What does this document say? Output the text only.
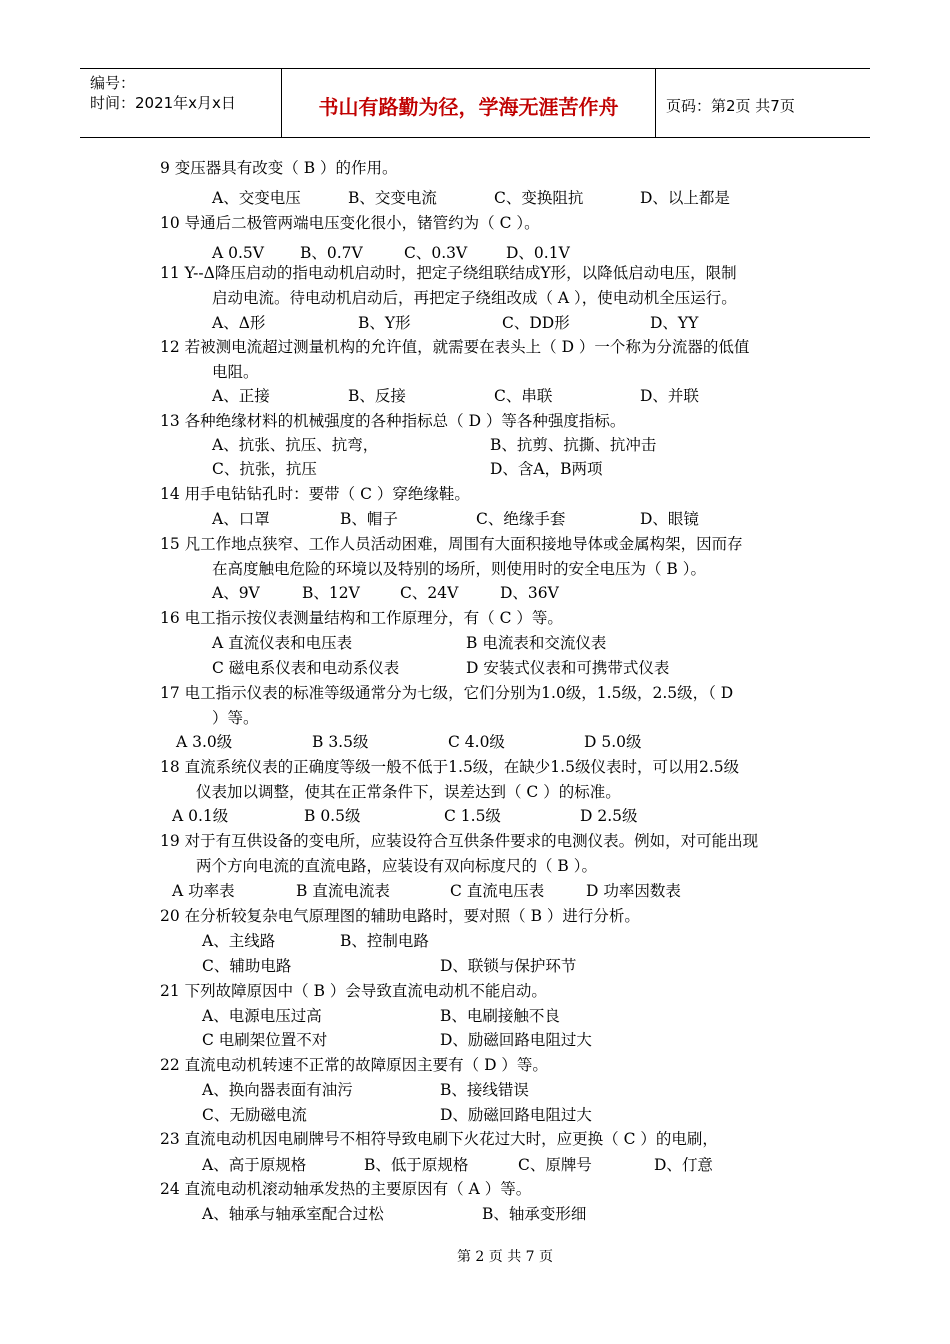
编号：
时间：2021年x月x日	书山有路勤为径，学海无涯苦作舟	页码：第2页 共7页
9 变压器具有改变（ B ）的作用。
A、交变电压	B、交变电流	C、变换阻抗	D、以上都是
10 导通后二极管两端电压变化很小，锗管约为（ C ）。
A 0.5V B、0.7V	C、0.3V	D、0.1V
11 Y--Δ降压启动的指电动机启动时，把定子绕组联结成Y形，以降低启动电压，限制
启动电流。待电动机启动后，再把定子绕组改成（ A ），使电动机全压运行。
A、Δ形	B、Y形	C、DD形	D、YY
12 若被测电流超过测量机构的允许值，就需要在表头上（ D ）一个称为分流器的低值
电阻。
A、正接	B、反接	C、串联	D、并联
13 各种绝缘材料的机械强度的各种指标总（ D ）等各种强度指标。
A、抗张、抗压、抗弯，	B、抗剪、抗撕、抗冲击
C、抗张，抗压	D、含A，B两项
14 用手电钻钻孔时：要带（ C ）穿绝缘鞋。
A、口罩	B、帽子	C、绝缘手套	D、眼镜
15 凡工作地点狭窄、工作人员活动困难，周围有大面积接地导体或金属构架，因而存
在高度触电危险的环境以及特别的场所，则使用时的安全电压为（ B ）。
A、9V	B、12V	C、24V	D、36V
16 电工指示按仪表测量结构和工作原理分，有（ C ）等。
A 直流仪表和电压表	B 电流表和交流仪表
C 磁电系仪表和电动系仪表	D 安装式仪表和可携带式仪表
17 电工指示仪表的标准等级通常分为七级，它们分别为1.0级，1.5级，2.5级，（ D
）等。
A 3.0级	B 3.5级	C 4.0级	D 5.0级
18 直流系统仪表的正确度等级一般不低于1.5级，在缺少1.5级仪表时，可以用2.5级
仪表加以调整，使其在正常条件下，误差达到（ C ）的标准。
A 0.1级	B 0.5级	C 1.5级	D 2.5级
19 对于有互供设备的变电所，应装设符合互供条件要求的电测仪表。例如，对可能出现
两个方向电流的直流电路，应装设有双向标度尺的（ B ）。
A 功率表	B 直流电流表	C 直流电压表	D 功率因数表
20 在分析较复杂电气原理图的辅助电路时，要对照（ B ）进行分析。
A、主线路	B、控制电路
C、辅助电路	D、联锁与保护环节
21 下列故障原因中（ B ）会导致直流电动机不能启动。
A、电源电压过高	B、电刷接触不良
C 电刷架位置不对	D、励磁回路电阻过大
22 直流电动机转速不正常的故障原因主要有（ D ）等。
A、换向器表面有油污	B、接线错误
C、无励磁电流	D、励磁回路电阻过大
23 直流电动机因电刷牌号不相符导致电刷下火花过大时，应更换（ C ）的电刷，
A、高于原规格	B、低于原规格	C、原牌号	D、仃意
24 直流电动机滚动轴承发热的主要原因有（ A ）等。
A、轴承与轴承室配合过松	B、轴承变形细
第 2 页 共 7 页
